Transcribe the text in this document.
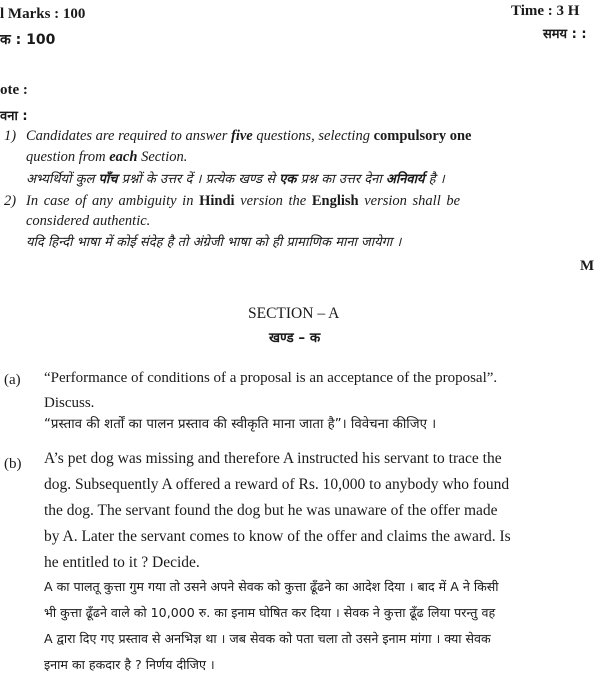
l Marks : 100
क : 100
Time : 3 H
समय : :
ote :
वना :
1) Candidates are required to answer five questions, selecting compulsory one
question from each Section.
अभ्यर्थियों कुल पाँच प्रश्नों के उत्तर दें । प्रत्येक खण्ड से एक प्रश्न का उत्तर देना अनिवार्य है ।
2) In case of any ambiguity in Hindi version the English version shall be
considered authentic.
यदि हिन्दी भाषा में कोई संदेह है तो अंग्रेजी भाषा को ही प्रामाणिक माना जायेगा ।
M
SECTION – A
खण्ड – क
(a) “Performance of conditions of a proposal is an acceptance of the proposal”.
Discuss.
“प्रस्ताव की शर्तों का पालन प्रस्ताव की स्वीकृति माना जाता है”। विवेचना कीजिए ।
(b) A’s pet dog was missing and therefore A instructed his servant to trace the
dog. Subsequently A offered a reward of Rs. 10,000 to anybody who found
the dog. The servant found the dog but he was unaware of the offer made
by A. Later the servant comes to know of the offer and claims the award. Is
he entitled to it ? Decide.
A का पालतू कुत्ता गुम गया तो उसने अपने सेवक को कुत्ता ढूँढने का आदेश दिया । बाद में A ने किसी
भी कुत्ता ढूँढने वाले को 10,000 रु. का इनाम घोषित कर दिया । सेवक ने कुत्ता ढूँढ लिया परन्तु वह
A द्वारा दिए गए प्रस्ताव से अनभिज्ञ था । जब सेवक को पता चला तो उसने इनाम मांगा । क्या सेवक
इनाम का हकदार है ? निर्णय दीजिए ।
